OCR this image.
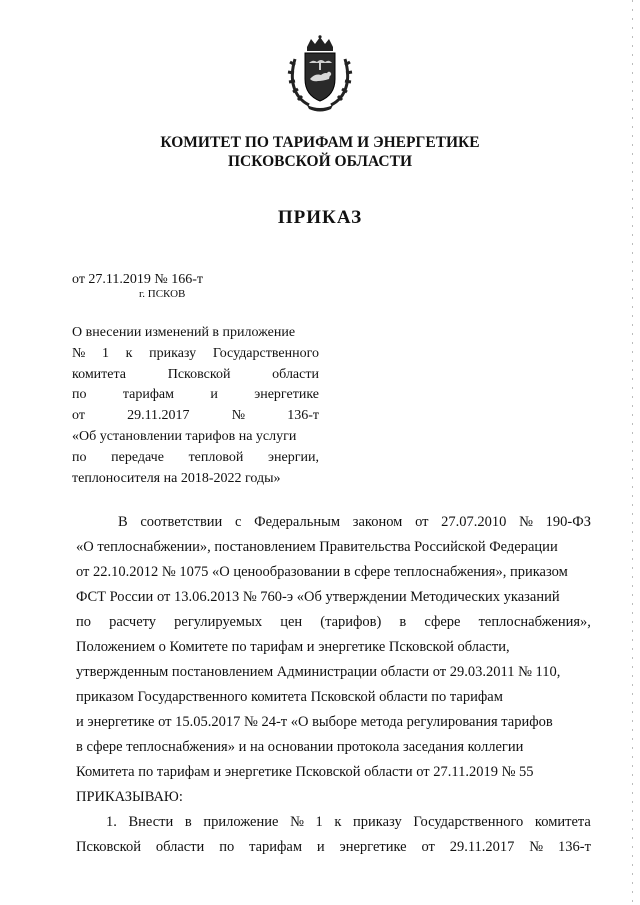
КОМИТЕТ ПО ТАРИФАМ И ЭНЕРГЕТИКЕ
ПСКОВСКОЙ ОБЛАСТИ
ПРИКАЗ
от 27.11.2019 № 166-т
г. ПСКОВ
О внесении изменений в приложение
№ 1 к приказу Государственного
комитета	Псковской	области
по	тарифам	и	энергетике
от	29.11.2017	№	136-т
«Об установлении тарифов на услуги
по передаче тепловой энергии,
теплоносителя на 2018-2022 годы»
В соответствии с Федеральным законом от 27.07.2010 № 190-ФЗ
«О теплоснабжении», постановлением Правительства Российской Федерации
от 22.10.2012 № 1075 «О ценообразовании в сфере теплоснабжения», приказом
ФСТ России от 13.06.2013 № 760-э «Об утверждении Методических указаний
по расчету регулируемых цен (тарифов) в сфере теплоснабжения»,
Положением о Комитете по тарифам и энергетике Псковской области,
утвержденным постановлением Администрации области от 29.03.2011 № 110,
приказом Государственного комитета Псковской области по тарифам
и энергетике от 15.05.2017 № 24-т «О выборе метода регулирования тарифов
в сфере теплоснабжения» и на основании протокола заседания коллегии
Комитета по тарифам и энергетике Псковской области от 27.11.2019 № 55
ПРИКАЗЫВАЮ:
1. Внести в приложение № 1 к приказу Государственного комитета
Псковской области по тарифам и энергетике от 29.11.2017 № 136-т
